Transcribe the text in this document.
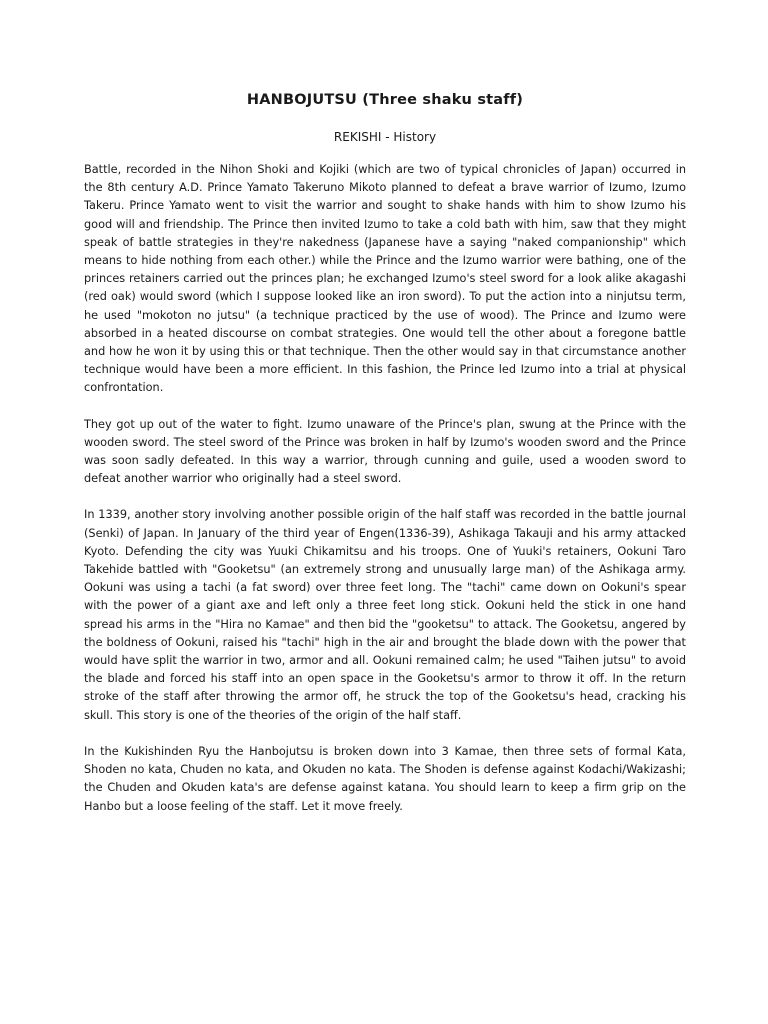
HANBOJUTSU (Three shaku staff)
REKISHI - History

Battle, recorded in the Nihon Shoki and Kojiki (which are two of typical chronicles of Japan) occurred in the 8th century A.D. Prince Yamato Takeruno Mikoto planned to defeat a brave warrior of Izumo, Izumo Takeru. Prince Yamato went to visit the warrior and sought to shake hands with him to show Izumo his good will and friendship. The Prince then invited Izumo to take a cold bath with him, saw that they might speak of battle strategies in they're nakedness (Japanese have a saying "naked companionship" which means to hide nothing from each other.) while the Prince and the Izumo warrior were bathing, one of the princes retainers carried out the princes plan; he exchanged Izumo's steel sword for a look alike akagashi (red oak) would sword (which I suppose looked like an iron sword). To put the action into a ninjutsu term, he used "mokoton no jutsu" (a technique practiced by the use of wood). The Prince and Izumo were absorbed in a heated discourse on combat strategies. One would tell the other about a foregone battle and how he won it by using this or that technique. Then the other would say in that circumstance another technique would have been a more efficient. In this fashion, the Prince led Izumo into a trial at physical confrontation.

They got up out of the water to fight. Izumo unaware of the Prince's plan, swung at the Prince with the wooden sword. The steel sword of the Prince was broken in half by Izumo's wooden sword and the Prince was soon sadly defeated. In this way a warrior, through cunning and guile, used a wooden sword to defeat another warrior who originally had a steel sword.

In 1339, another story involving another possible origin of the half staff was recorded in the battle journal (Senki) of Japan. In January of the third year of Engen(1336-39), Ashikaga Takauji and his army attacked Kyoto. Defending the city was Yuuki Chikamitsu and his troops. One of Yuuki's retainers, Ookuni Taro Takehide battled with "Gooketsu" (an extremely strong and unusually large man) of the Ashikaga army. Ookuni was using a tachi (a fat sword) over three feet long. The "tachi" came down on Ookuni's spear with the power of a giant axe and left only a three feet long stick. Ookuni held the stick in one hand spread his arms in the "Hira no Kamae" and then bid the "gooketsu" to attack. The Gooketsu, angered by the boldness of Ookuni, raised his "tachi" high in the air and brought the blade down with the power that would have split the warrior in two, armor and all. Ookuni remained calm; he used "Taihen jutsu" to avoid the blade and forced his staff into an open space in the Gooketsu's armor to throw it off. In the return stroke of the staff after throwing the armor off, he struck the top of the Gooketsu's head, cracking his skull. This story is one of the theories of the origin of the half staff.

In the Kukishinden Ryu the Hanbojutsu is broken down into 3 Kamae, then three sets of formal Kata, Shoden no kata, Chuden no kata, and Okuden no kata. The Shoden is defense against Kodachi/Wakizashi; the Chuden and Okuden kata's are defense against katana. You should learn to keep a firm grip on the Hanbo but a loose feeling of the staff. Let it move freely.
